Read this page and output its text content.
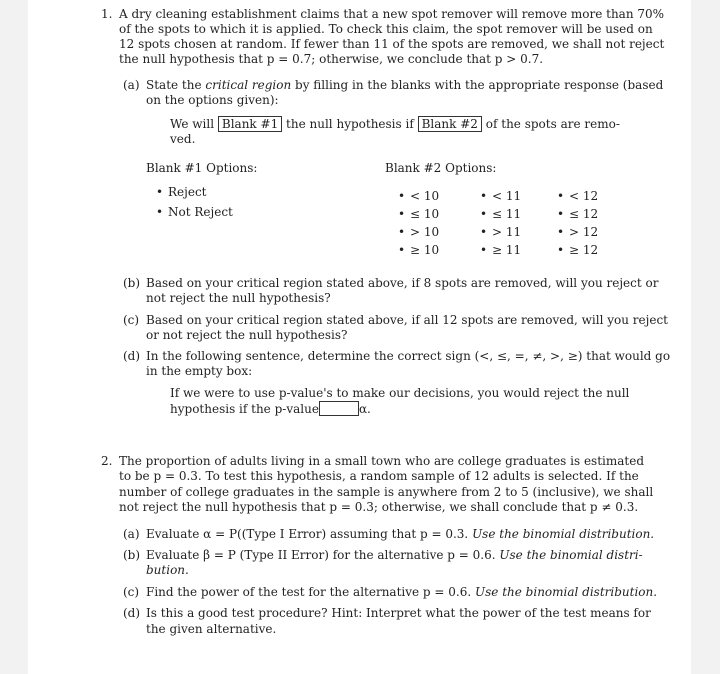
1. A dry cleaning establishment claims that a new spot remover will remove more than 70%
of the spots to which it is applied. To check this claim, the spot remover will be used on
12 spots chosen at random. If fewer than 11 of the spots are removed, we shall not reject
the null hypothesis that p = 0.7; otherwise, we conclude that p > 0.7.
(a) State the critical region by filling in the blanks with the appropriate response (based
on the options given):
We will Blank #1 the null hypothesis if Blank #2 of the spots are remo-
ved.
Blank #1 Options:
• Reject
• Not Reject
Blank #2 Options:
• < 10
• ≤ 10
• > 10
• ≥ 10
• < 11
• ≤ 11
• > 11
• ≥ 11
• < 12
• ≤ 12
• > 12
• ≥ 12
(b) Based on your critical region stated above, if 8 spots are removed, will you reject or
not reject the null hypothesis?
(c) Based on your critical region stated above, if all 12 spots are removed, will you reject
or not reject the null hypothesis?
(d) In the following sentence, determine the correct sign (<, ≤, =, ≠, >, ≥) that would go
in the empty box:
If we were to use p-value's to make our decisions, you would reject the null
hypothesis if the p-value	α.
2. The proportion of adults living in a small town who are college graduates is estimated
to be p = 0.3. To test this hypothesis, a random sample of 12 adults is selected. If the
number of college graduates in the sample is anywhere from 2 to 5 (inclusive), we shall
not reject the null hypothesis that p = 0.3; otherwise, we shall conclude that p ≠ 0.3.
(a) Evaluate α = P((Type I Error) assuming that p = 0.3. Use the binomial distribution.
(b) Evaluate β = P (Type II Error) for the alternative p = 0.6. Use the binomial distri-
bution.
(c) Find the power of the test for the alternative p = 0.6. Use the binomial distribution.
(d) Is this a good test procedure? Hint: Interpret what the power of the test means for
the given alternative.
